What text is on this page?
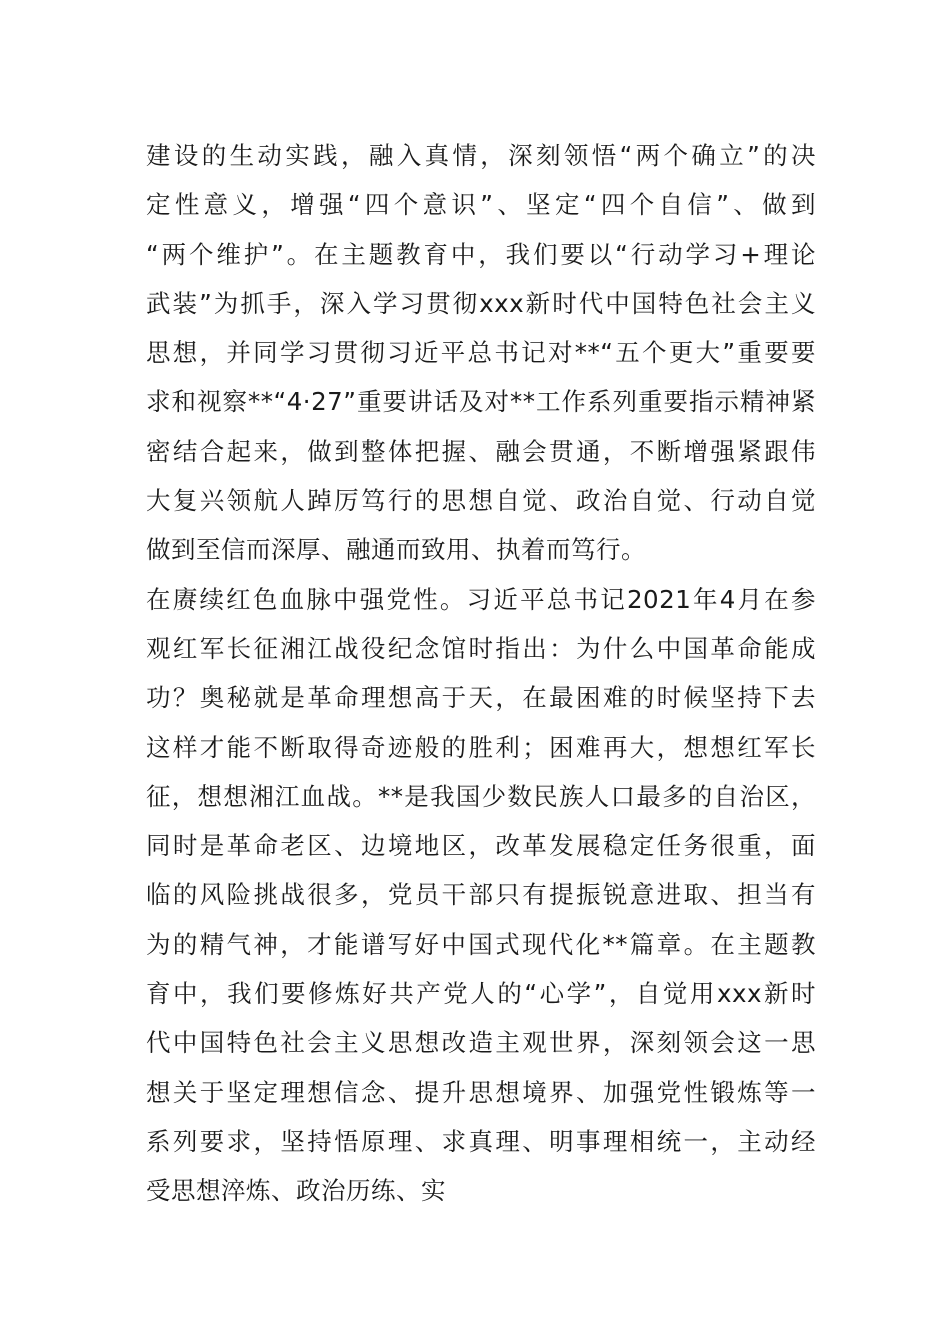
建设的生动实践，融入真情，深刻领悟“两个确立”的决
定性意义，增强“四个意识”、坚定“四个自信”、做到
“两个维护”。在主题教育中，我们要以“行动学习+理论
武装”为抓手，深入学习贯彻xxx新时代中国特色社会主义
思想，并同学习贯彻习近平总书记对**“五个更大”重要要
求和视察**“4·27”重要讲话及对**工作系列重要指示精神紧
密结合起来，做到整体把握、融会贯通，不断增强紧跟伟
大复兴领航人踔厉笃行的思想自觉、政治自觉、行动自觉
做到至信而深厚、融通而致用、执着而笃行。
在赓续红色血脉中强党性。习近平总书记2021年4月在参
观红军长征湘江战役纪念馆时指出：为什么中国革命能成
功？奥秘就是革命理想高于天，在最困难的时候坚持下去
这样才能不断取得奇迹般的胜利；困难再大，想想红军长
征，想想湘江血战。**是我国少数民族人口最多的自治区，
同时是革命老区、边境地区，改革发展稳定任务很重，面
临的风险挑战很多，党员干部只有提振锐意进取、担当有
为的精气神，才能谱写好中国式现代化**篇章。在主题教
育中，我们要修炼好共产党人的“心学”，自觉用xxx新时
代中国特色社会主义思想改造主观世界，深刻领会这一思
想关于坚定理想信念、提升思想境界、加强党性锻炼等一
系列要求，坚持悟原理、求真理、明事理相统一，主动经
受思想淬炼、政治历练、实
